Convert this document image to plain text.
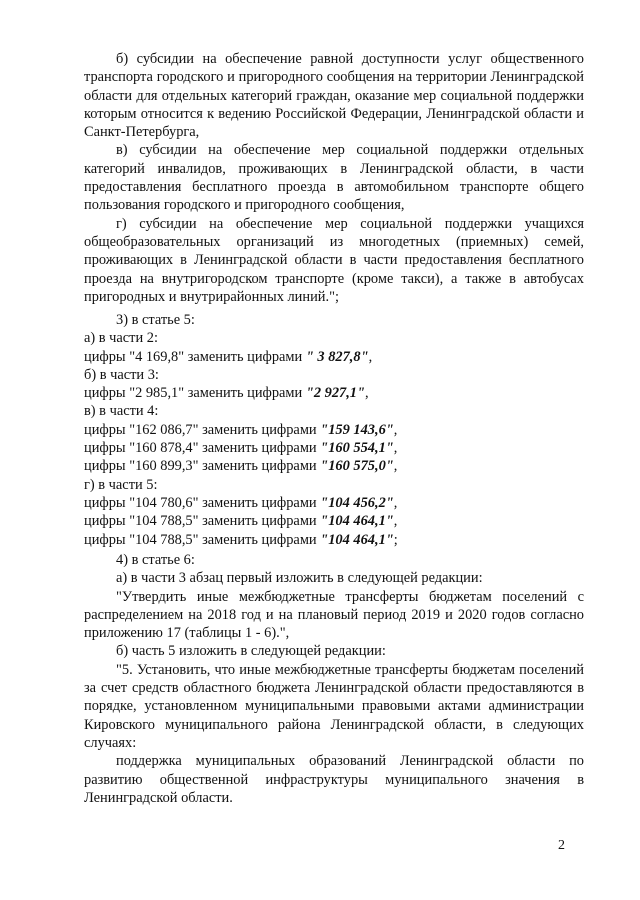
б) субсидии на обеспечение равной доступности услуг общественного транспорта городского и пригородного сообщения на территории Ленинградской области для отдельных категорий граждан, оказание мер социальной поддержки которым относится к ведению Российской Федерации, Ленинградской области и Санкт-Петербурга,

в) субсидии на обеспечение мер социальной поддержки отдельных категорий инвалидов, проживающих в Ленинградской области, в части предоставления бесплатного проезда в автомобильном транспорте общего пользования городского и пригородного сообщения,

г) субсидии на обеспечение мер социальной поддержки учащихся общеобразовательных организаций из многодетных (приемных) семей, проживающих в Ленинградской области в части предоставления бесплатного проезда на внутригородском транспорте (кроме такси), а также в автобусах пригородных и внутрирайонных линий.";

3) в статье 5:

а) в части 2:

цифры "4 169,8" заменить цифрами " 3 827,8",

б) в части 3:

цифры "2 985,1" заменить цифрами "2 927,1",

в) в части 4:

цифры "162 086,7" заменить цифрами "159 143,6",

цифры "160 878,4" заменить цифрами "160 554,1",

цифры "160 899,3" заменить цифрами "160 575,0",

г) в части 5:

цифры "104 780,6" заменить цифрами "104 456,2",

цифры "104 788,5" заменить цифрами "104 464,1",

цифры "104 788,5" заменить цифрами "104 464,1";

4) в статье 6:

а) в части 3 абзац первый изложить в следующей редакции:

"Утвердить иные межбюджетные трансферты бюджетам поселений с распределением на 2018 год и на плановый период 2019 и 2020 годов согласно приложению 17 (таблицы 1 - 6).",

б) часть 5 изложить в следующей редакции:

"5. Установить, что иные межбюджетные трансферты бюджетам поселений за счет средств областного бюджета Ленинградской области предоставляются в порядке, установленном муниципальными правовыми актами администрации Кировского муниципального района Ленинградской области, в следующих случаях:

поддержка муниципальных образований Ленинградской области по развитию общественной инфраструктуры муниципального значения в Ленинградской области.

2
